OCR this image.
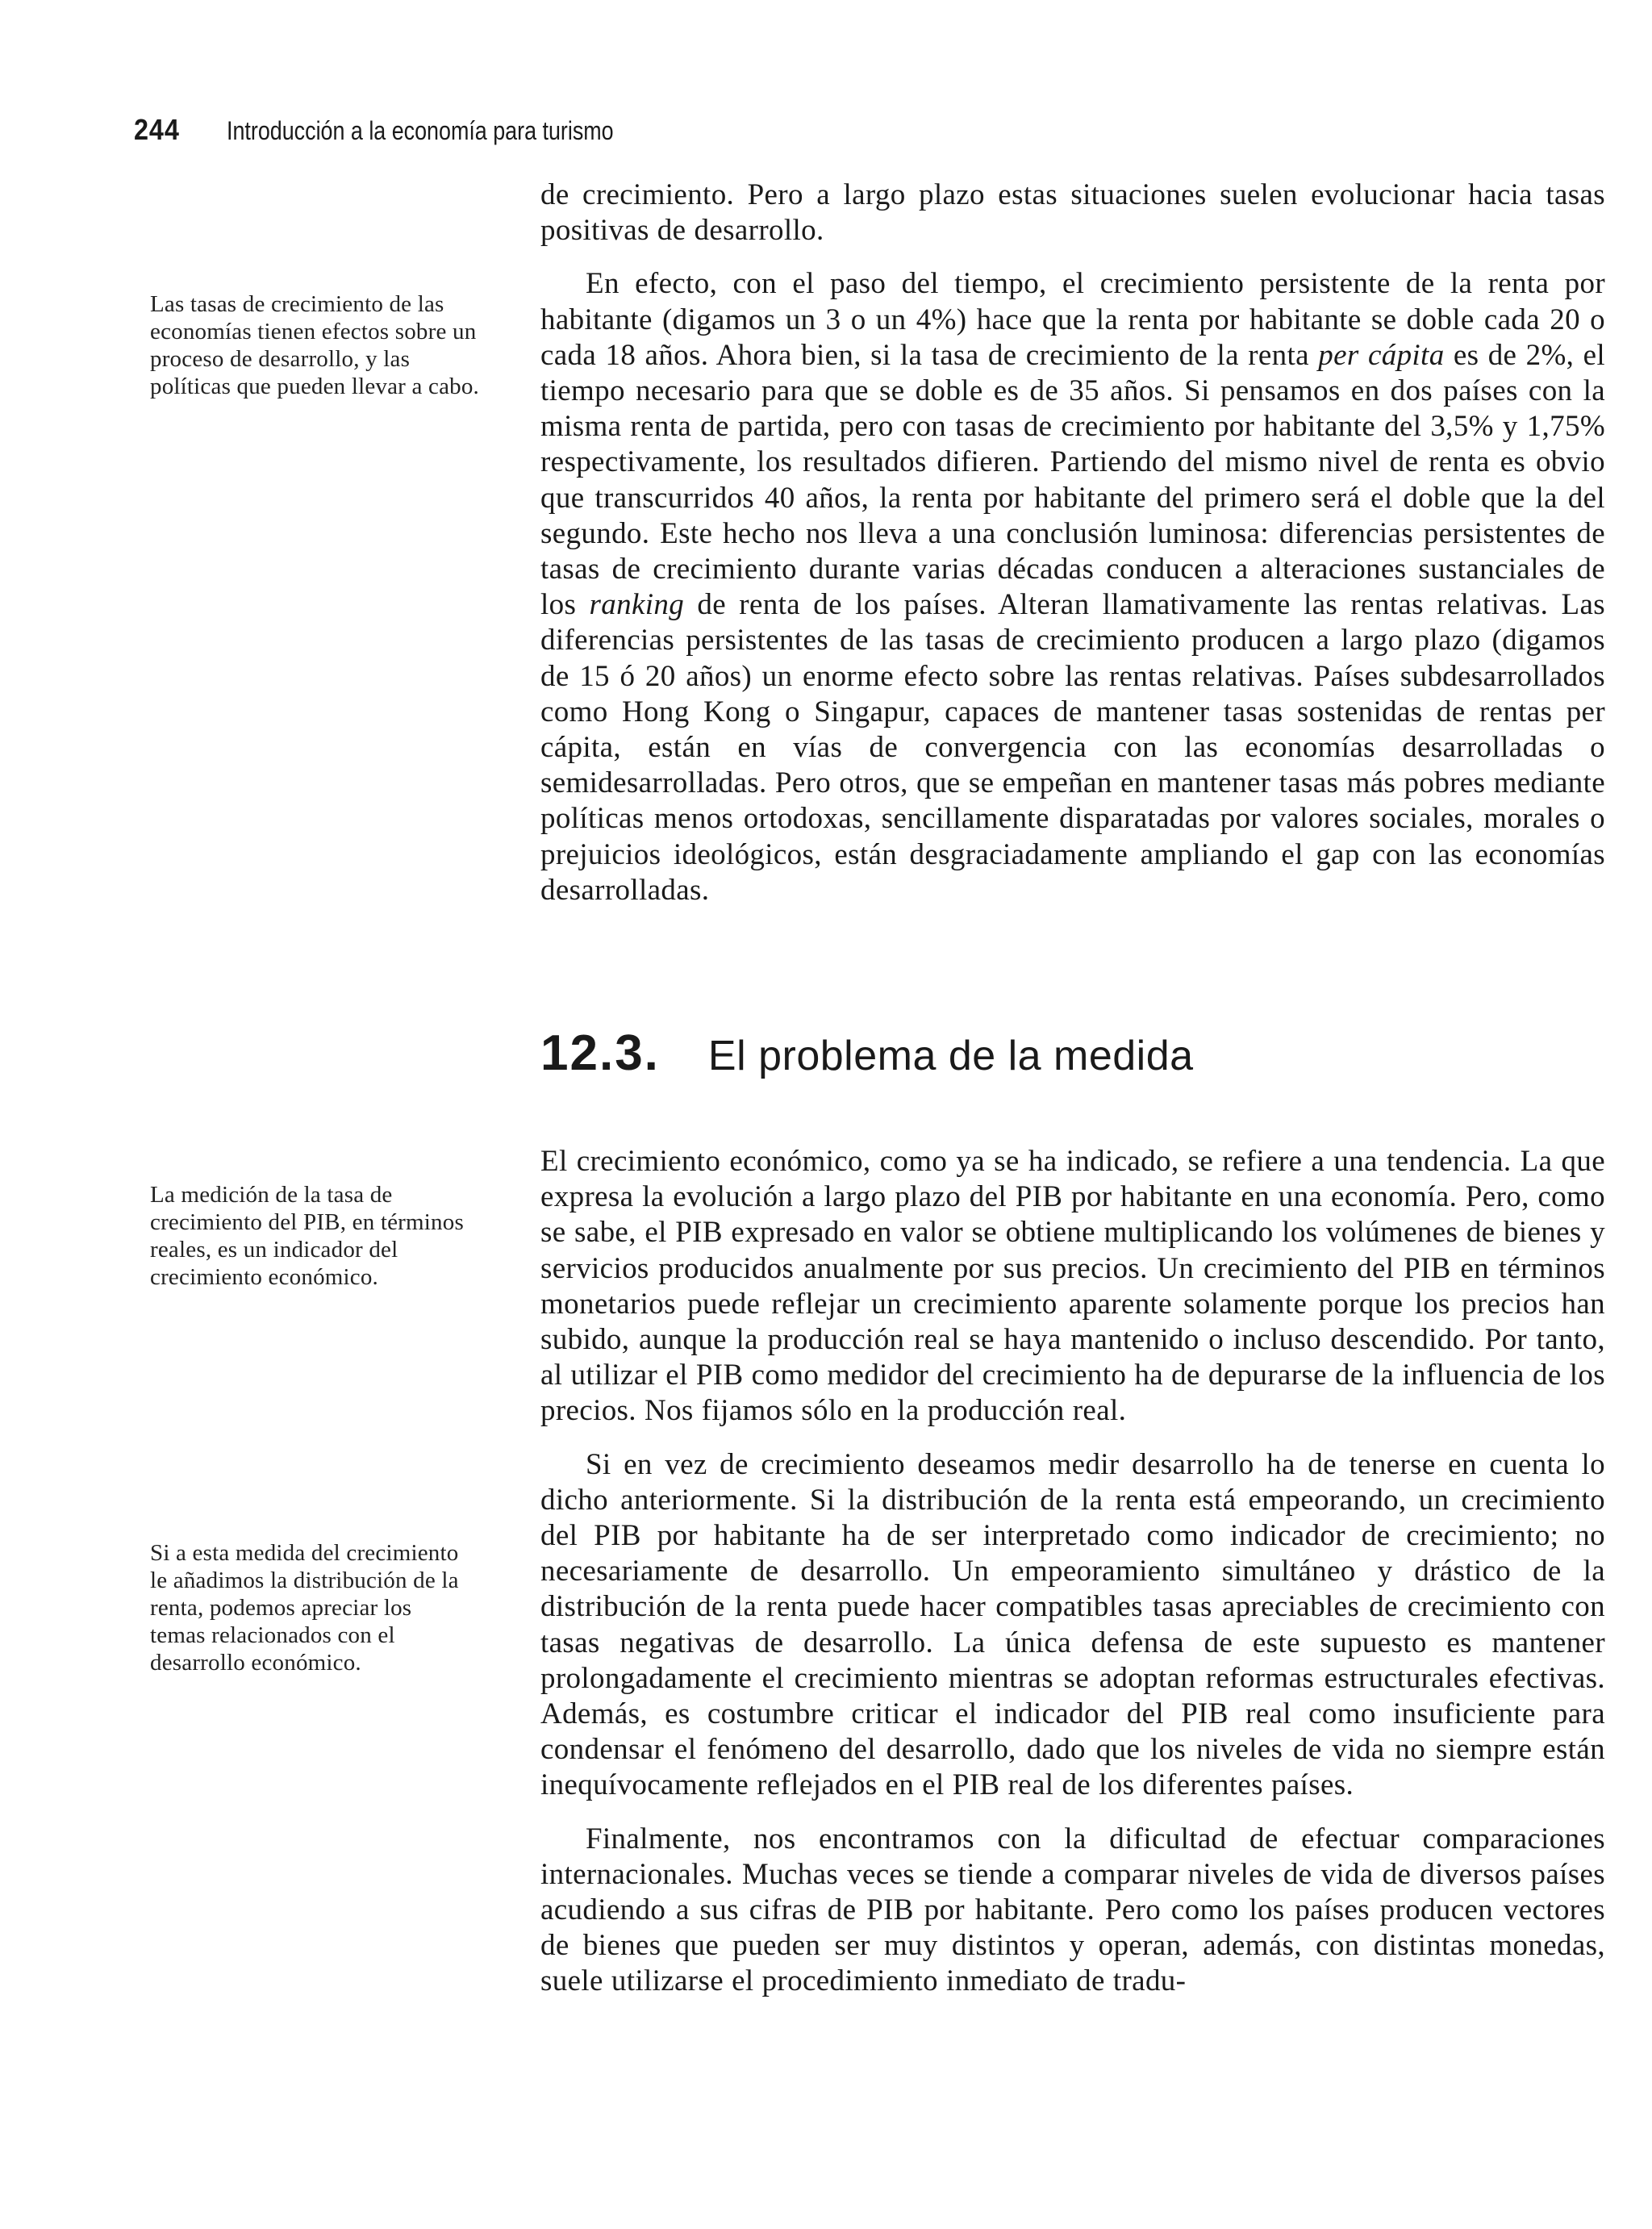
244 Introducción a la economía para turismo

Las tasas de crecimiento de las economías tienen efectos sobre un proceso de desarrollo, y las políticas que pueden llevar a cabo.

La medición de la tasa de crecimiento del PIB, en términos reales, es un indicador del crecimiento económico.

Si a esta medida del crecimiento le añadimos la distribución de la renta, podemos apreciar los temas relacionados con el desarrollo económico.

de crecimiento. Pero a largo plazo estas situaciones suelen evolucionar hacia tasas positivas de desarrollo.

En efecto, con el paso del tiempo, el crecimiento persistente de la renta por habitante (digamos un 3 o un 4%) hace que la renta por habitante se doble cada 20 o cada 18 años. Ahora bien, si la tasa de crecimiento de la renta per cápita es de 2%, el tiempo necesario para que se doble es de 35 años. Si pensamos en dos países con la misma renta de partida, pero con tasas de crecimiento por habitante del 3,5% y 1,75% respectivamente, los resultados difieren. Partiendo del mismo nivel de renta es obvio que transcurridos 40 años, la renta por habitante del primero será el doble que la del segundo. Este hecho nos lleva a una conclusión luminosa: diferencias persistentes de tasas de crecimiento durante varias décadas conducen a alteraciones sustanciales de los ranking de renta de los países. Alteran llamativamente las rentas relativas. Las diferencias persistentes de las tasas de crecimiento producen a largo plazo (digamos de 15 ó 20 años) un enorme efecto sobre las rentas relativas. Países subdesarrollados como Hong Kong o Singapur, capaces de mantener tasas sostenidas de rentas per cápita, están en vías de convergencia con las economías desarrolladas o semidesarrolladas. Pero otros, que se empeñan en mantener tasas más pobres mediante políticas menos ortodoxas, sencillamente disparatadas por valores sociales, morales o prejuicios ideológicos, están desgraciadamente ampliando el gap con las economías desarrolladas.

12.3. El problema de la medida

El crecimiento económico, como ya se ha indicado, se refiere a una tendencia. La que expresa la evolución a largo plazo del PIB por habitante en una economía. Pero, como se sabe, el PIB expresado en valor se obtiene multiplicando los volúmenes de bienes y servicios producidos anualmente por sus precios. Un crecimiento del PIB en términos monetarios puede reflejar un crecimiento aparente solamente porque los precios han subido, aunque la producción real se haya mantenido o incluso descendido. Por tanto, al utilizar el PIB como medidor del crecimiento ha de depurarse de la influencia de los precios. Nos fijamos sólo en la producción real.

Si en vez de crecimiento deseamos medir desarrollo ha de tenerse en cuenta lo dicho anteriormente. Si la distribución de la renta está empeorando, un crecimiento del PIB por habitante ha de ser interpretado como indicador de crecimiento; no necesariamente de desarrollo. Un empeoramiento simultáneo y drástico de la distribución de la renta puede hacer compatibles tasas apreciables de crecimiento con tasas negativas de desarrollo. La única defensa de este supuesto es mantener prolongadamente el crecimiento mientras se adoptan reformas estructurales efectivas. Además, es costumbre criticar el indicador del PIB real como insuficiente para condensar el fenómeno del desarrollo, dado que los niveles de vida no siempre están inequívocamente reflejados en el PIB real de los diferentes países.

Finalmente, nos encontramos con la dificultad de efectuar comparaciones internacionales. Muchas veces se tiende a comparar niveles de vida de diversos países acudiendo a sus cifras de PIB por habitante. Pero como los países producen vectores de bienes que pueden ser muy distintos y operan, además, con distintas monedas, suele utilizarse el procedimiento inmediato de tradu-
